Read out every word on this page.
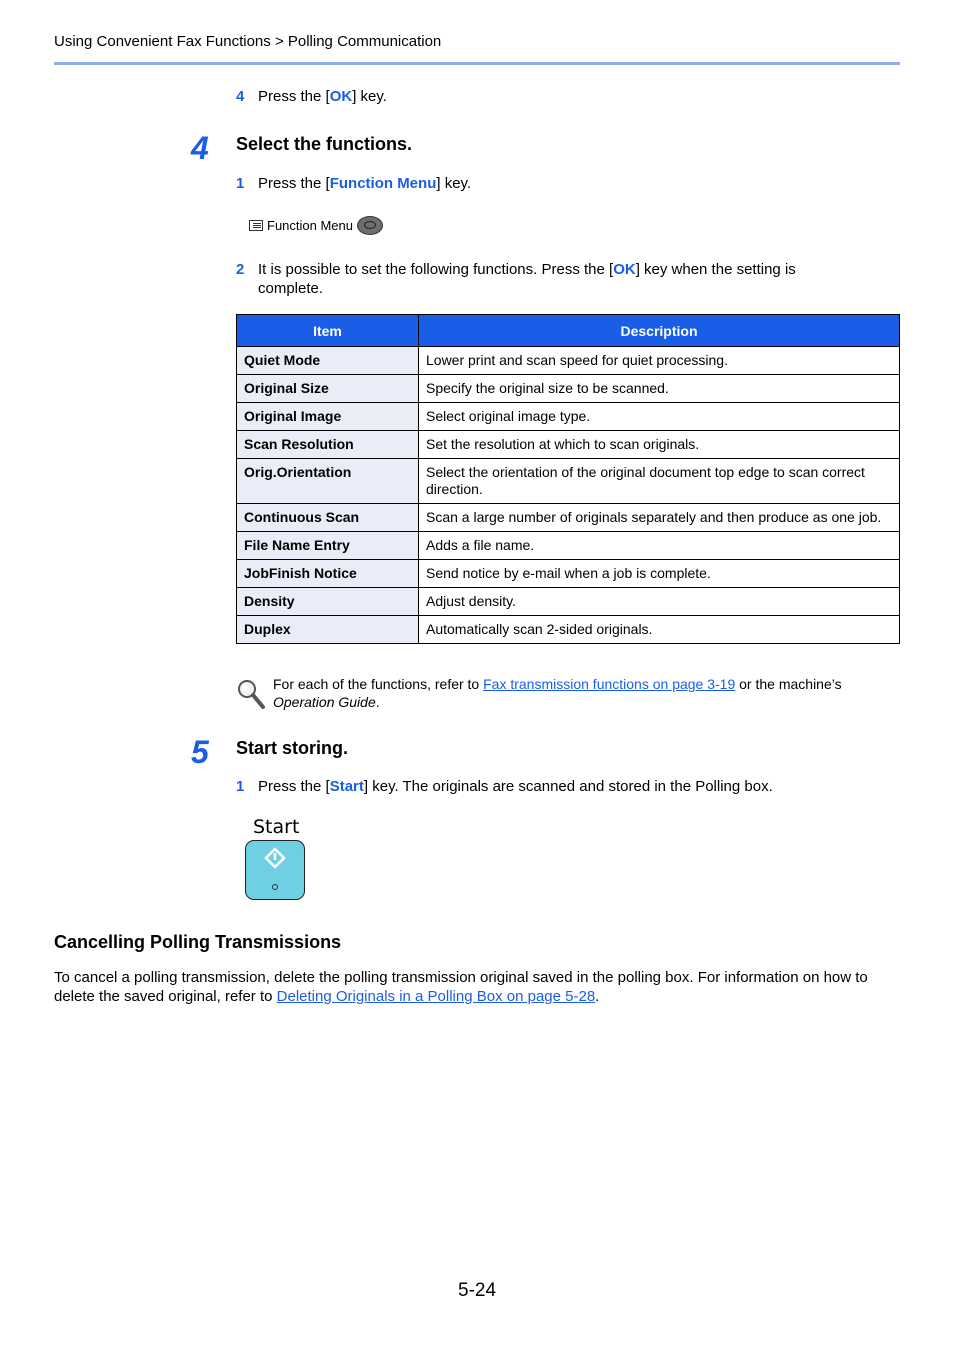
Using Convenient Fax Functions > Polling Communication
4 Press the [OK] key.
4 Select the functions.
1 Press the [Function Menu] key.
Function Menu
2 It is possible to set the following functions. Press the [OK] key when the setting is complete.
Item	Description
Quiet Mode	Lower print and scan speed for quiet processing.
Original Size	Specify the original size to be scanned.
Original Image	Select original image type.
Scan Resolution	Set the resolution at which to scan originals.
Orig.Orientation	Select the orientation of the original document top edge to scan correct direction.
Continuous Scan	Scan a large number of originals separately and then produce as one job.
File Name Entry	Adds a file name.
JobFinish Notice	Send notice by e-mail when a job is complete.
Density	Adjust density.
Duplex	Automatically scan 2-sided originals.
For each of the functions, refer to Fax transmission functions on page 3-19 or the machine’s Operation Guide.
5 Start storing.
1 Press the [Start] key. The originals are scanned and stored in the Polling box.
Start
Cancelling Polling Transmissions
To cancel a polling transmission, delete the polling transmission original saved in the polling box. For information on how to delete the saved original, refer to Deleting Originals in a Polling Box on page 5-28.
5-24
